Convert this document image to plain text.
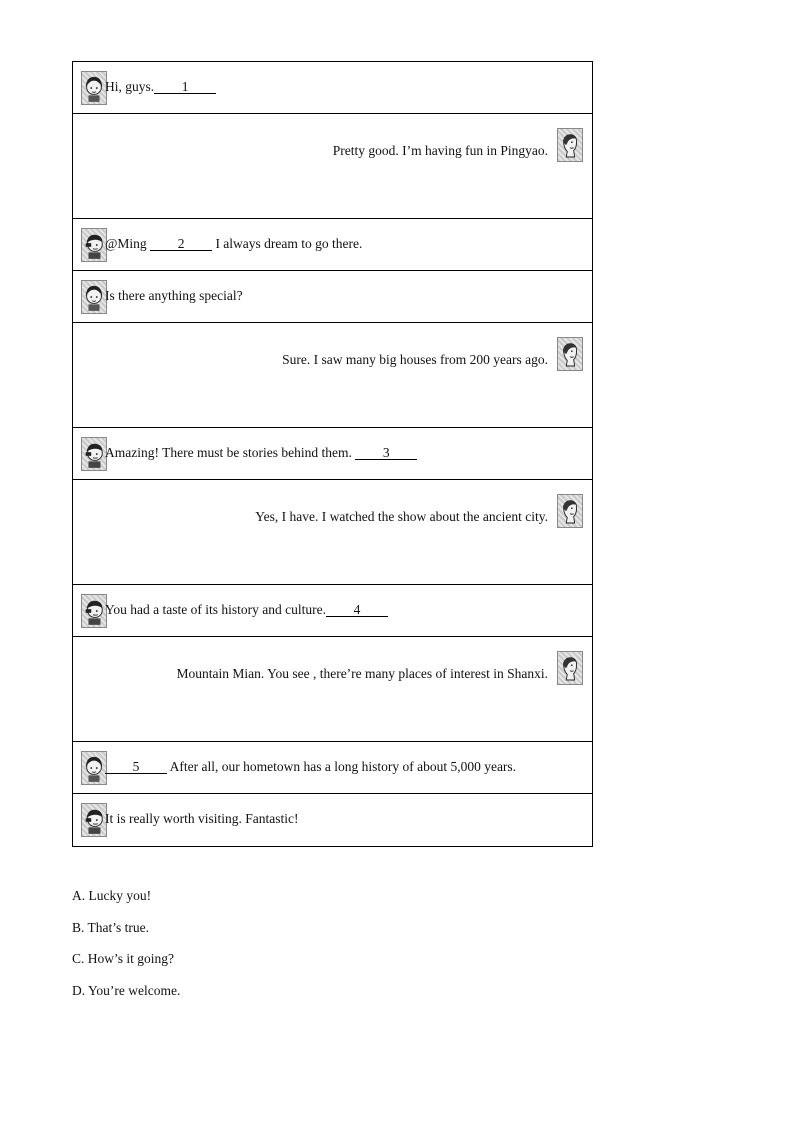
Hi, guys. 1
Pretty good. I’m having fun in Pingyao.
@Ming 2 I always dream to go there.
Is there anything special?
Sure. I saw many big houses from 200 years ago.
Amazing! There must be stories behind them. 3
Yes, I have. I watched the show about the ancient city.
You had a taste of its history and culture. 4
Mountain Mian. You see , there’re many places of interest in Shanxi.
5 After all, our hometown has a long history of about 5,000 years.
It is really worth visiting. Fantastic!
A. Lucky you!
B. That’s true.
C. How’s it going?
D. You’re welcome.
